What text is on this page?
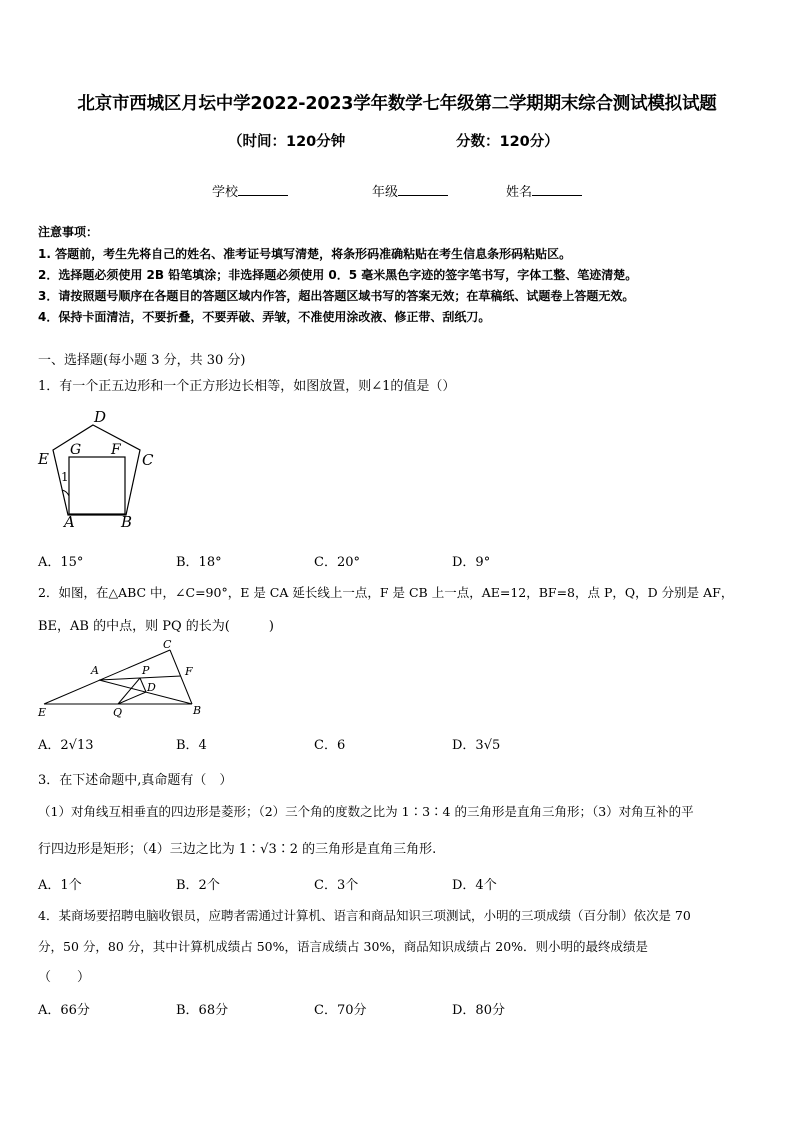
北京市西城区月坛中学2022-2023学年数学七年级第二学期期末综合测试模拟试题
（时间：120分钟	分数：120分）
学校	年级	姓名
注意事项：
1. 答题前，考生先将自己的姓名、准考证号填写清楚，将条形码准确粘贴在考生信息条形码粘贴区。
2．选择题必须使用 2B 铅笔填涂；非选择题必须使用 0．5 毫米黑色字迹的签字笔书写，字体工整、笔迹清楚。
3．请按照题号顺序在各题目的答题区域内作答，超出答题区域书写的答案无效；在草稿纸、试题卷上答题无效。
4．保持卡面清洁，不要折叠，不要弄破、弄皱，不准使用涂改液、修正带、刮纸刀。
一、选择题(每小题 3 分，共 30 分)
1．有一个正五边形和一个正方形边长相等，如图放置，则∠1的值是（）
D
G F
E	C
1
A	B
A．15°	B．18°	C．20°	D．9°
2．如图，在△ABC 中，∠C=90°，E 是 CA 延长线上一点，F 是 CB 上一点，AE=12，BF=8，点 P，Q，D 分别是 AF，
BE，AB 的中点，则 PQ 的长为(　　　)
C
A	P	F
D
E	Q	B
A．2√13	B．4	C．6	D．3√5
3．在下述命题中,真命题有（　）
（1）对角线互相垂直的四边形是菱形；（2）三个角的度数之比为 1∶3∶4 的三角形是直角三角形；（3）对角互补的平
行四边形是矩形；（4）三边之比为 1∶√3∶2 的三角形是直角三角形.
A．1个	B．2个	C．3个	D．4个
4．某商场要招聘电脑收银员，应聘者需通过计算机、语言和商品知识三项测试，小明的三项成绩（百分制）依次是 70
分，50 分，80 分，其中计算机成绩占 50%，语言成绩占 30%，商品知识成绩占 20%．则小明的最终成绩是
（　　）
A．66分	B．68分	C．70分	D．80分
